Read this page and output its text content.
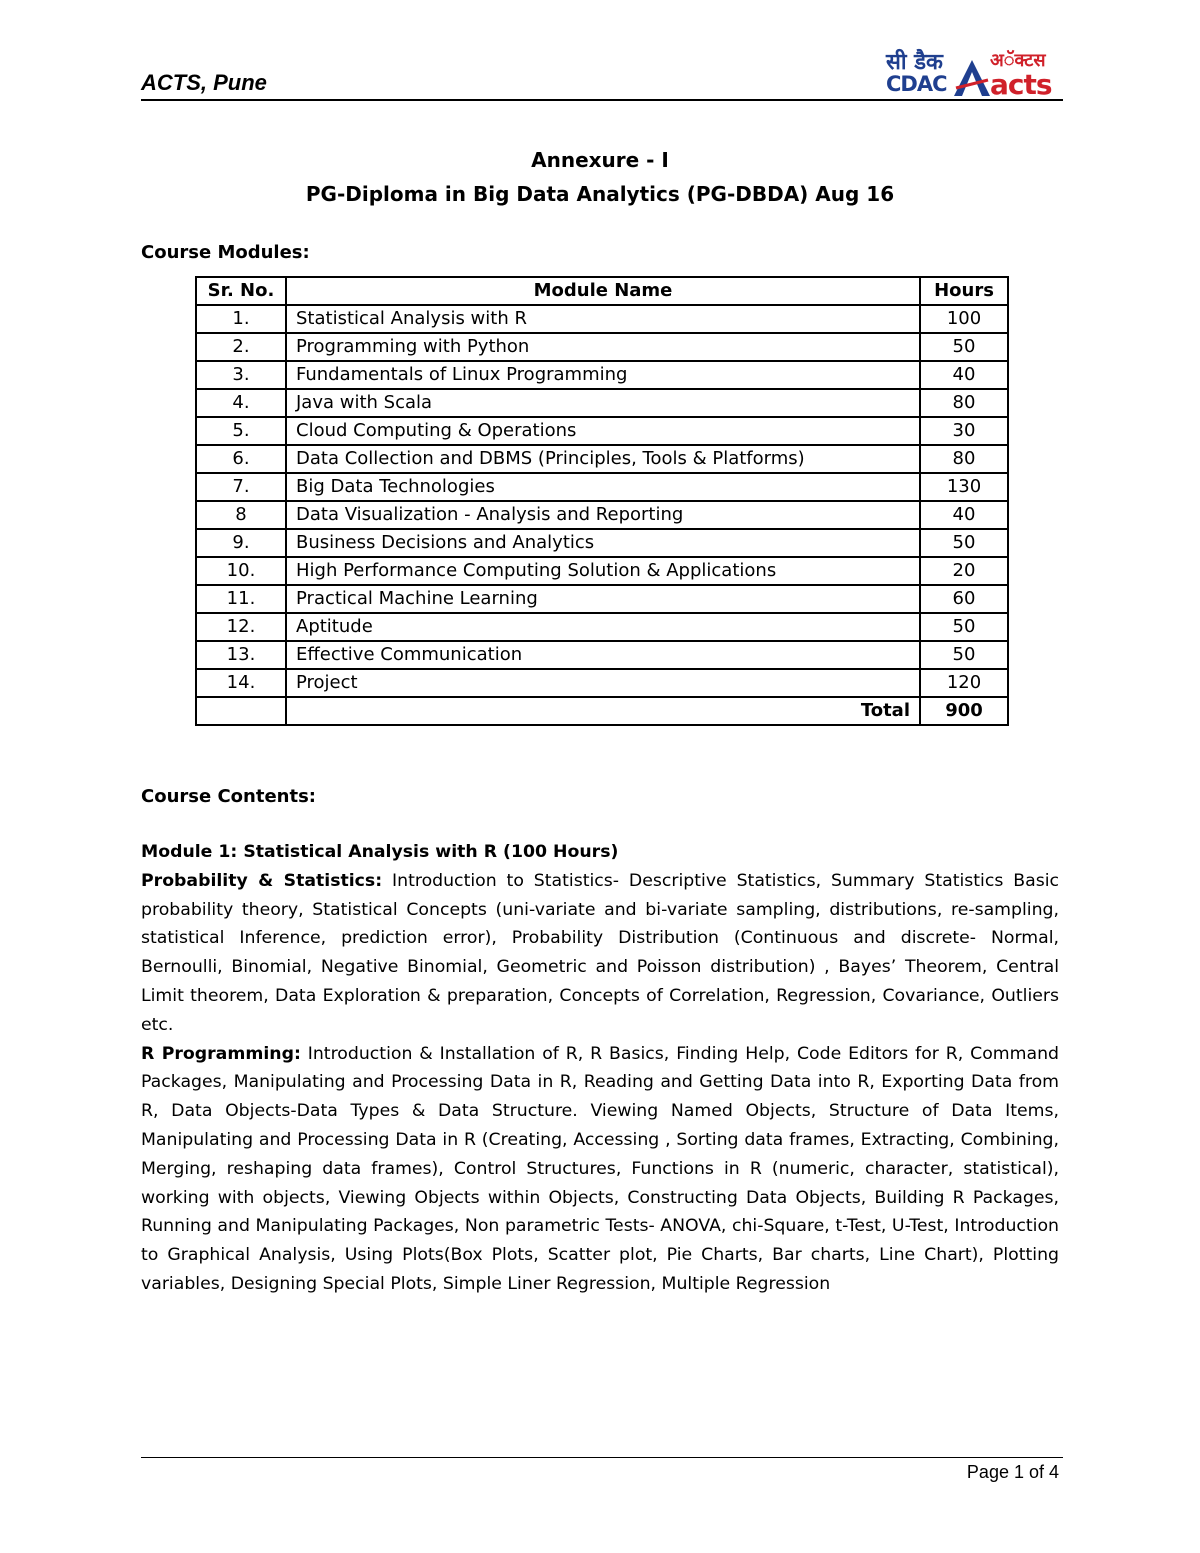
ACTS, Pune
सी डैक
CDAC
अॅक्टस
acts
Annexure - I
PG-Diploma in Big Data Analytics (PG-DBDA) Aug 16
Course Modules:
Sr. No.	Module Name	Hours
1.	Statistical Analysis with R	100
2.	Programming with Python	50
3.	Fundamentals of Linux Programming	40
4.	Java with Scala	80
5.	Cloud Computing & Operations	30
6.	Data Collection and DBMS (Principles, Tools & Platforms)	80
7.	Big Data Technologies	130
8	Data Visualization - Analysis and Reporting	40
9.	Business Decisions and Analytics	50
10.	High Performance Computing Solution & Applications	20
11.	Practical Machine Learning	60
12.	Aptitude	50
13.	Effective Communication	50
14.	Project	120
	Total	900
Course Contents:

Module 1: Statistical Analysis with R (100 Hours)

Probability & Statistics: Introduction to Statistics- Descriptive Statistics, Summary Statistics Basic probability theory, Statistical Concepts (uni-variate and bi-variate sampling, distributions, re-sampling, statistical Inference, prediction error), Probability Distribution (Continuous and discrete- Normal, Bernoulli, Binomial, Negative Binomial, Geometric and Poisson distribution) , Bayes’ Theorem, Central Limit theorem, Data Exploration & preparation, Concepts of Correlation, Regression, Covariance, Outliers etc.

R Programming: Introduction & Installation of R, R Basics, Finding Help, Code Editors for R, Command Packages, Manipulating and Processing Data in R, Reading and Getting Data into R, Exporting Data from R, Data Objects-Data Types & Data Structure. Viewing Named Objects, Structure of Data Items, Manipulating and Processing Data in R (Creating, Accessing , Sorting data frames, Extracting, Combining, Merging, reshaping data frames), Control Structures, Functions in R (numeric, character, statistical), working with objects, Viewing Objects within Objects, Constructing Data Objects, Building R Packages, Running and Manipulating Packages, Non parametric Tests- ANOVA, chi-Square, t-Test, U-Test, Introduction to Graphical Analysis, Using Plots(Box Plots, Scatter plot, Pie Charts, Bar charts, Line Chart), Plotting variables, Designing Special Plots, Simple Liner Regression, Multiple Regression

Page 1 of 4
